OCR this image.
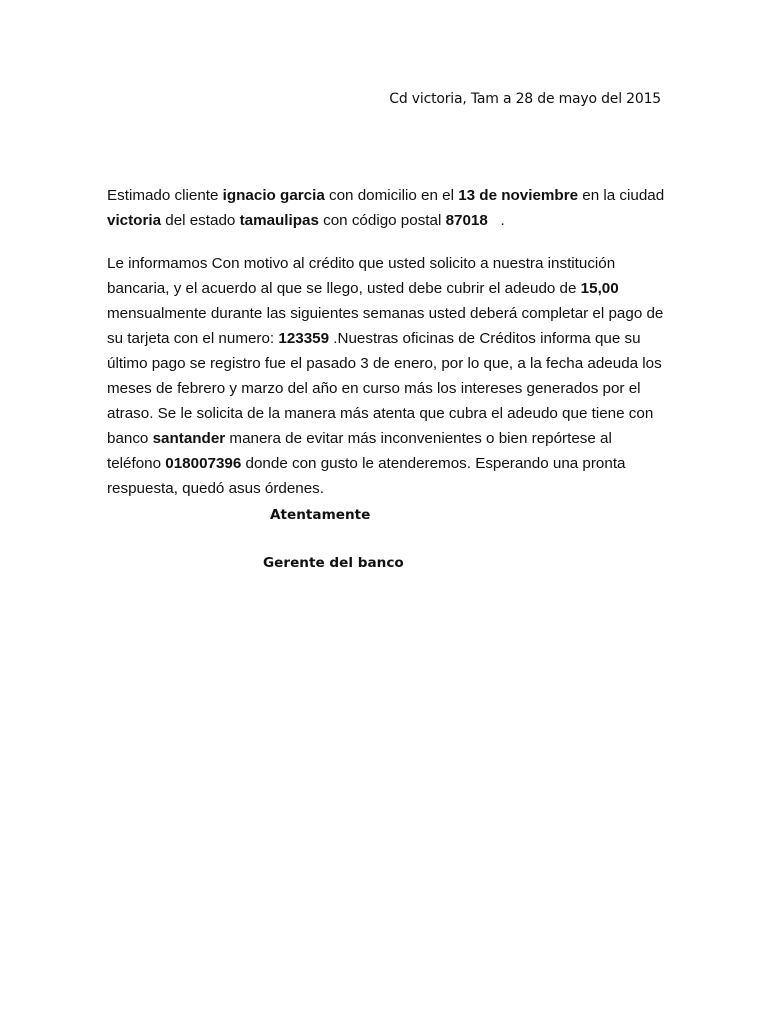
Cd victoria, Tam a 28 de mayo del 2015

Estimado cliente ignacio garcia con domicilio en el 13 de noviembre en la ciudad victoria del estado tamaulipas con código postal 87018   .

Le informamos Con motivo al crédito que usted solicito a nuestra institución bancaria, y el acuerdo al que se llego, usted debe cubrir el adeudo de 15,00 mensualmente durante las siguientes semanas usted deberá completar el pago de su tarjeta con el numero: 123359 .Nuestras oficinas de Créditos informa que su último pago se registro fue el pasado 3 de enero, por lo que, a la fecha adeuda los meses de febrero y marzo del año en curso más los intereses generados por el atraso. Se le solicita de la manera más atenta que cubra el adeudo que tiene con banco santander manera de evitar más inconvenientes o bien repórtese al teléfono 018007396 donde con gusto le atenderemos. Esperando una pronta respuesta, quedó asus órdenes.

Atentamente
Gerente del banco
